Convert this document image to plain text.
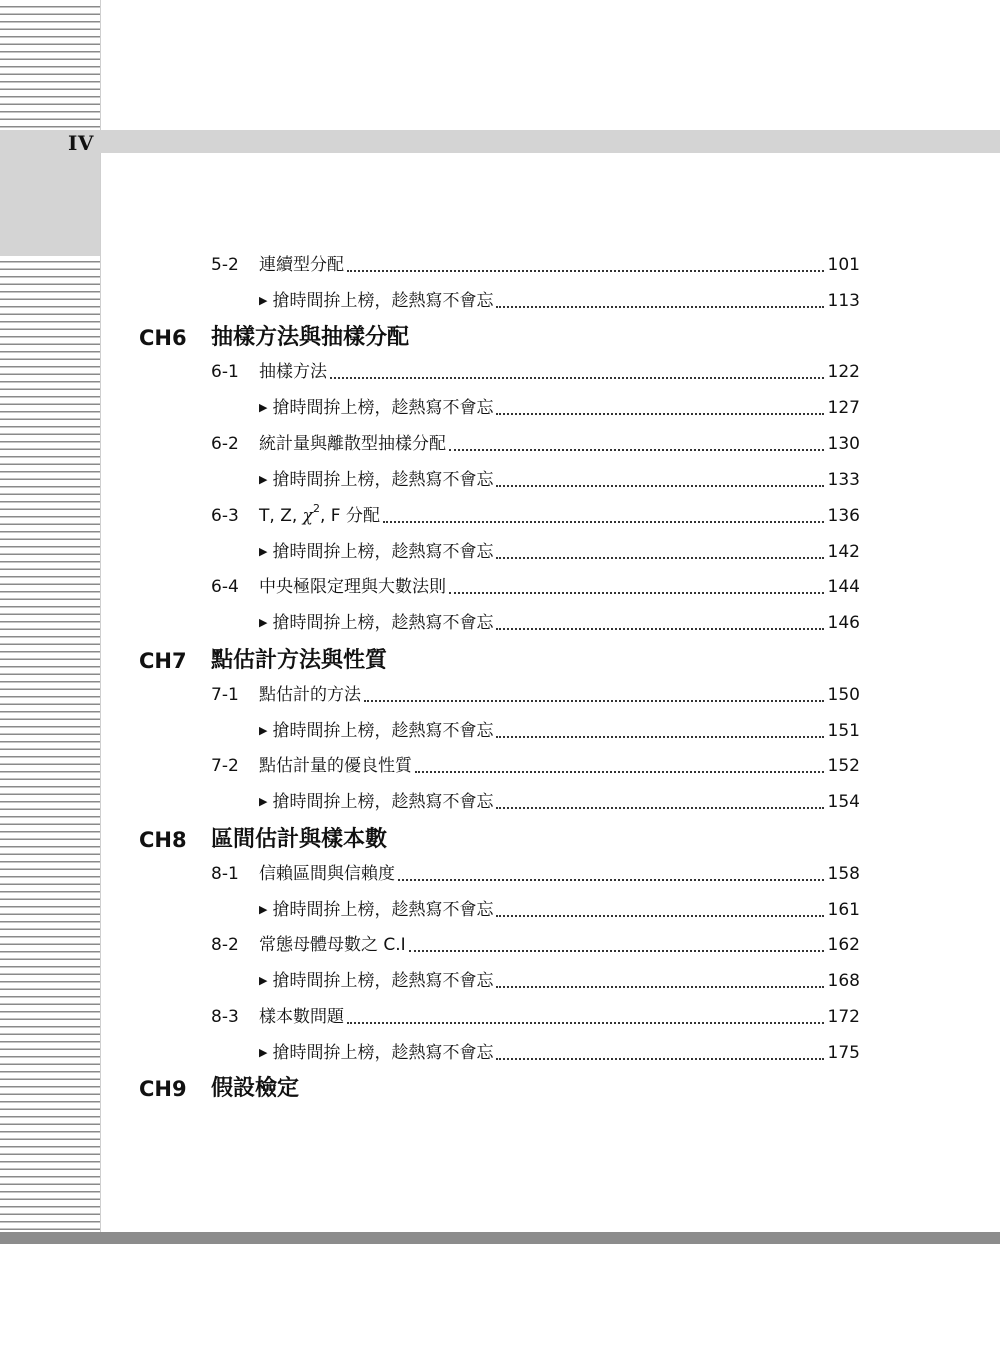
IV
5-2 連續型分配	101
▶ 搶時間拚上榜，趁熱寫不會忘	113
CH6 抽樣方法與抽樣分配
6-1 抽樣方法	122
▶ 搶時間拚上榜，趁熱寫不會忘	127
6-2 統計量與離散型抽樣分配	130
▶ 搶時間拚上榜，趁熱寫不會忘	133
6-3 T, Z, $\chi^2$, F 分配	136
▶ 搶時間拚上榜，趁熱寫不會忘	142
6-4 中央極限定理與大數法則	144
▶ 搶時間拚上榜，趁熱寫不會忘	146
CH7 點估計方法與性質
7-1 點估計的方法	150
▶ 搶時間拚上榜，趁熱寫不會忘	151
7-2 點估計量的優良性質	152
▶ 搶時間拚上榜，趁熱寫不會忘	154
CH8 區間估計與樣本數
8-1 信賴區間與信賴度	158
▶ 搶時間拚上榜，趁熱寫不會忘	161
8-2 常態母體母數之 C.I	162
▶ 搶時間拚上榜，趁熱寫不會忘	168
8-3 樣本數問題	172
▶ 搶時間拚上榜，趁熱寫不會忘	175
CH9 假設檢定
